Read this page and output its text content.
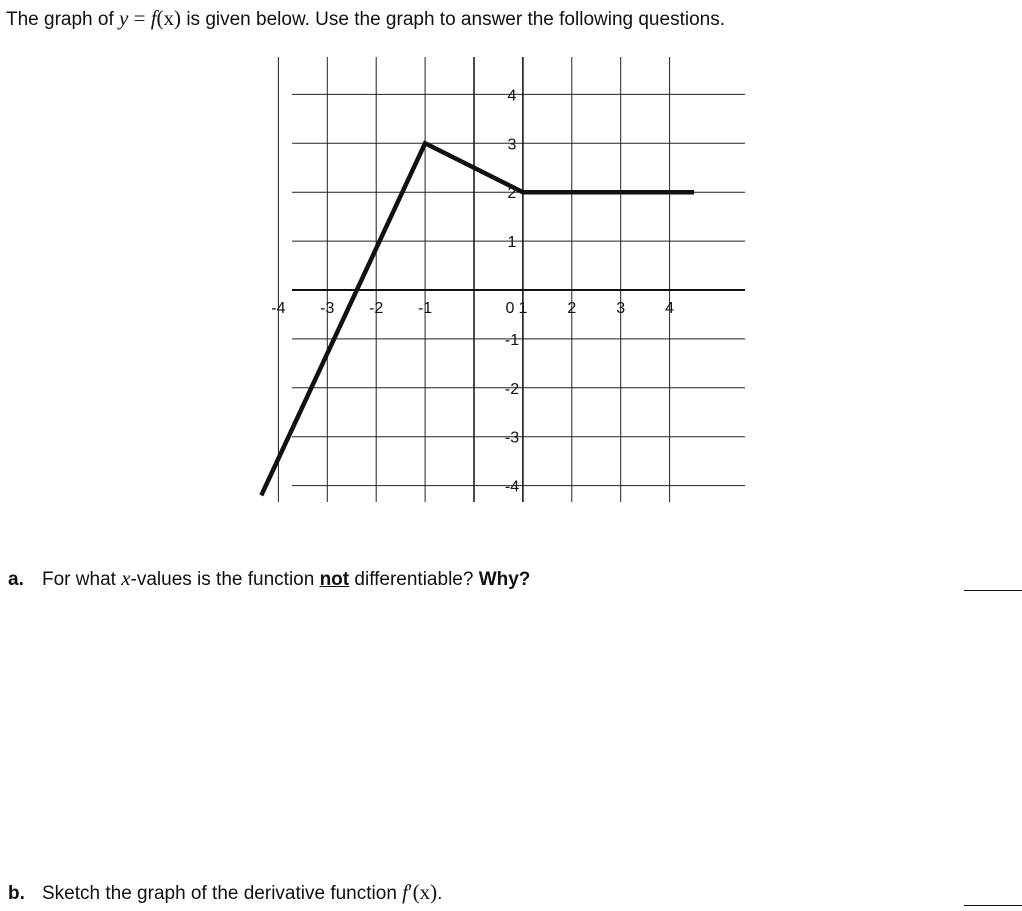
-4 -3 -2 -1	0 1 2 3 4
4
3
2
1
-1
-2
-3
-4
The graph of y = f(x) is given below. Use the graph to answer the following questions.
a. For what x-values is the function not differentiable? Why?
b. Sketch the graph of the derivative function f′(x).
